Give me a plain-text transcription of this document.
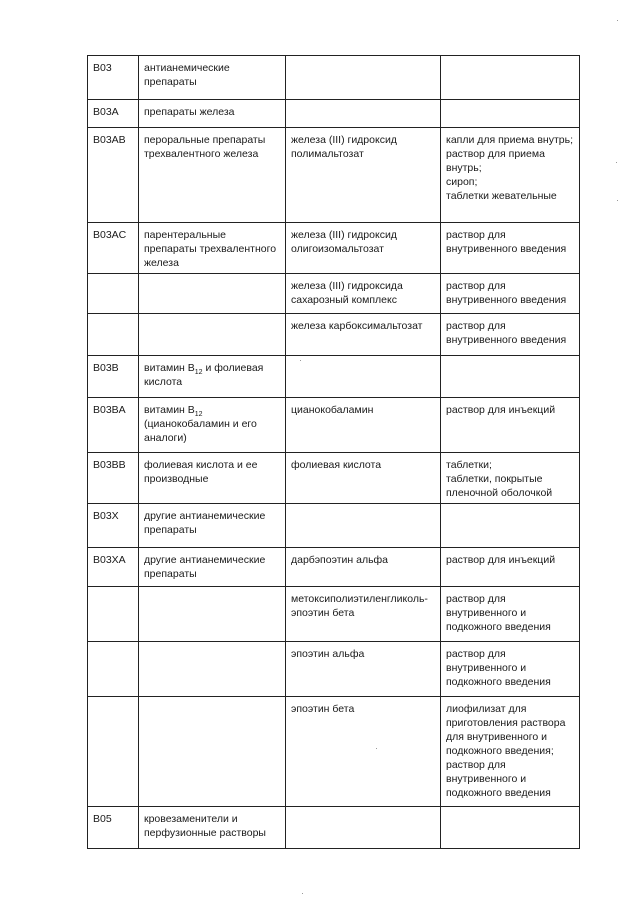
B03	антианемические препараты		
B03A	препараты железа		
B03AB	пероральные препараты трехвалентного железа	железа (III) гидроксид полимальтозат	капли для приема внутрь;
раствор для приема внутрь;
сироп;
таблетки жевательные

B03AC	парентеральные препараты трехвалентного железа	железа (III) гидроксид олигоизомальтозат	раствор для внутривенного введения

		железа (III) гидроксида сахарозный комплекс	раствор для внутривенного введения

		железа карбоксимальтозат	раствор для внутривенного введения

B03B	витамин $B_{12}$ и фолиевая кислота		
B03BA	витамин $B_{12}$ (цианокобаламин и его аналоги)	цианокобаламин	раствор для инъекций

B03BB	фолиевая кислота и ее производные	фолиевая кислота	таблетки;
таблетки, покрытые пленочной оболочкой

B03X	другие антианемические препараты		
B03XA	другие антианемические препараты	дарбэпоэтин альфа	раствор для инъекций

		метоксиполиэтиленгликоль-эпоэтин бета	раствор для внутривенного и подкожного введения

		эпоэтин альфа	раствор для внутривенного и подкожного введения

		эпоэтин бета	лиофилизат для приготовления раствора для внутривенного и подкожного введения;
раствор для внутривенного и подкожного введения

B05	кровезаменители и перфузионные растворы		
